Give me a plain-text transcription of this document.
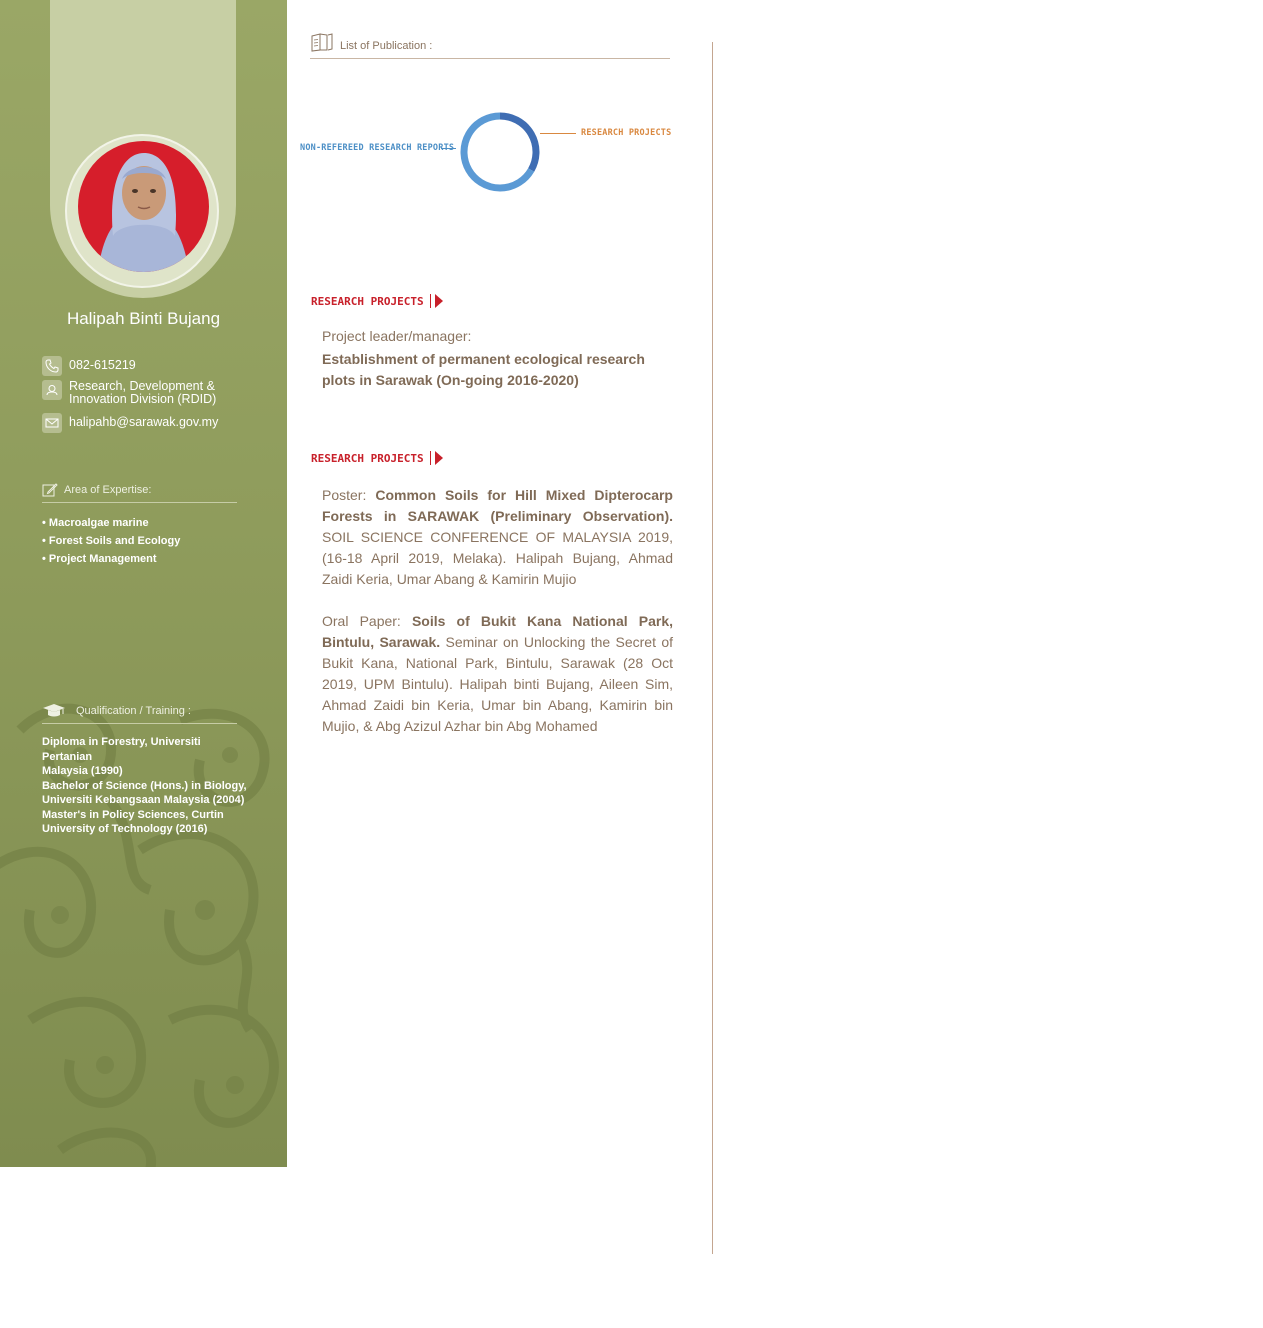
Halipah Binti Bujang
082-615219
Research, Development & Innovation Division (RDID)
halipahb@sarawak.gov.my
Area of Expertise:
• Macroalgae marine
• Forest Soils and Ecology
• Project Management
Qualification / Training :
Diploma in Forestry, Universiti Pertanian
Malaysia (1990)
Bachelor of Science (Hons.) in Biology,
Universiti Kebangsaan Malaysia (2004)
Master's in Policy Sciences, Curtin
University of Technology (2016)
List of Publication :
NON-REFEREED RESEARCH REPORTS
RESEARCH PROJECTS
RESEARCH PROJECTS
Project leader/manager:
Establishment of permanent ecological research plots in Sarawak (On-going 2016-2020)
RESEARCH PROJECTS
Poster: Common Soils for Hill Mixed Dipterocarp Forests in SARAWAK (Preliminary Observation). SOIL SCIENCE CONFERENCE OF MALAYSIA 2019, (16-18 April 2019, Melaka). Halipah Bujang, Ahmad Zaidi Keria, Umar Abang & Kamirin Mujio
Oral Paper: Soils of Bukit Kana National Park, Bintulu, Sarawak. Seminar on Unlocking the Secret of Bukit Kana, National Park, Bintulu, Sarawak (28 Oct 2019, UPM Bintulu). Halipah binti Bujang, Aileen Sim, Ahmad Zaidi bin Keria, Umar bin Abang, Kamirin bin Mujio, & Abg Azizul Azhar bin Abg Mohamed
